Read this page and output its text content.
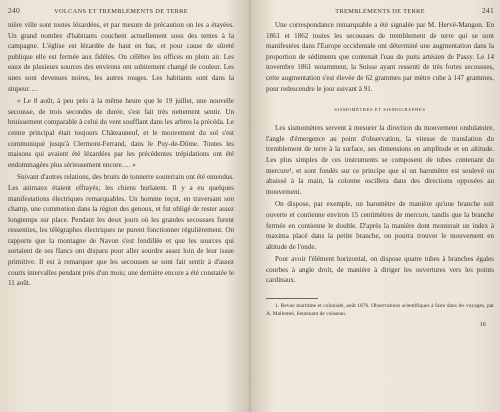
240	VOLCANS ET TREMBLEMENTS DE TERRE

nière ville sont toutes lézardées, et par mesure de précaution on les a étayées. Un grand nombre d'habitants couchent actuellement sous des tentes à la campagne. L'église est lézardée de haut en bas, et pour cause de sûreté publique elle est fermée aux fidèles. On célèbre les offices en plein air. Les eaux de plusieurs sources des environs ont subitement changé de couleur. Les unes sont devenues noires, les autres rouges. Les habitants sont dans la stupeur….

« Le 8 août, à peu près à la même heure que le 19 juillet, une nouvelle secousse, de trois secondes de durée, s'est fait très nettement sentir. Un bruissement comparable à celui du vent soufflant dans les arbres la précéda. Le centre principal était toujours Châteauneuf, et le mouvement du sol s'est communiqué jusqu'à Clermont-Ferrand, dans le Puy-de-Dôme. Toutes les maisons qui avaient été lézardées par les précédentes trépidations ont été endommagées plus sérieusement encore…. »

Suivant d'autres relations, des bruits de tonnerre souterrain ont été entendus. Les animaux étaient effrayés; les chiens hurlaient. Il y a eu quelques manifestations électriques remarquables. Un homme reçut, en traversant son champ, une commotion dans la région des genoux, et fut obligé de rester assez longtemps sur place. Pendant les deux jours où les grandes secousses furent ressenties, les télégraphes électriques ne purent fonctionner régulièrement. On rapporte que la montagne de Navon s'est fendillée et que les sources qui sortaient de ses flancs ont disparu pour aller sourdre assez loin de leur issue primitive. Il est à remarquer que les secousses se sont fait sentir à d'assez courts intervalles pendant près d'un mois; une dernière encore a été constatée le 11 août.

TREMBLEMENTS DE TERRE	241

Une correspondance remarquable a été signalée par M. Hervé-Mangon. En 1861 et 1862 toutes les secousses de tremblement de terre qui se sont manifestées dans l'Europe occidentale ont déterminé une augmentation dans la proportion de sédiments que contenait l'eau du puits artésien de Passy. Le 14 novembre 1861 notamment, la Suisse ayant ressenti de très fortes secousses, cette augmentation s'est élevée de 62 grammes par mètre cube à 147 grammes, pour redescendre le jour suivant à 91.

SISMOMÈTRES ET SISMOGRAPHES

Les sismomètres servent à mesurer la direction du mouvement ondulatoire, l'angle d'émergence au point d'observation, la vitesse de translation du tremblement de terre à la surface, ses dimensions en amplitude et en altitude. Les plus simples de ces instruments se composent de tubes contenant du mercure¹, et sont fondés sur ce principe que si un baromètre est soulevé ou abaissé à la main, la colonne oscillera dans des directions opposées au mouvement.

On dispose, par exemple, un baromètre de manière qu'une branche soit ouverte et contienne environ 15 centimètres de mercure, tandis que la branche fermée en contienne le double. D'après la manière dont monterait un index à maxima placé dans la petite branche, on pourra trouver le mouvement en altitude de l'onde.

Pour avoir l'élément horizontal, on dispose quatre tubes à branches égales courbes à angle droit, de manière à diriger les ouvertures vers les points cardinaux.

1. Revue maritime et coloniale, août 1876. Observations scientifiques à faire dans les voyages, par A. Mallemel, lieutenant de vaisseau.

16
